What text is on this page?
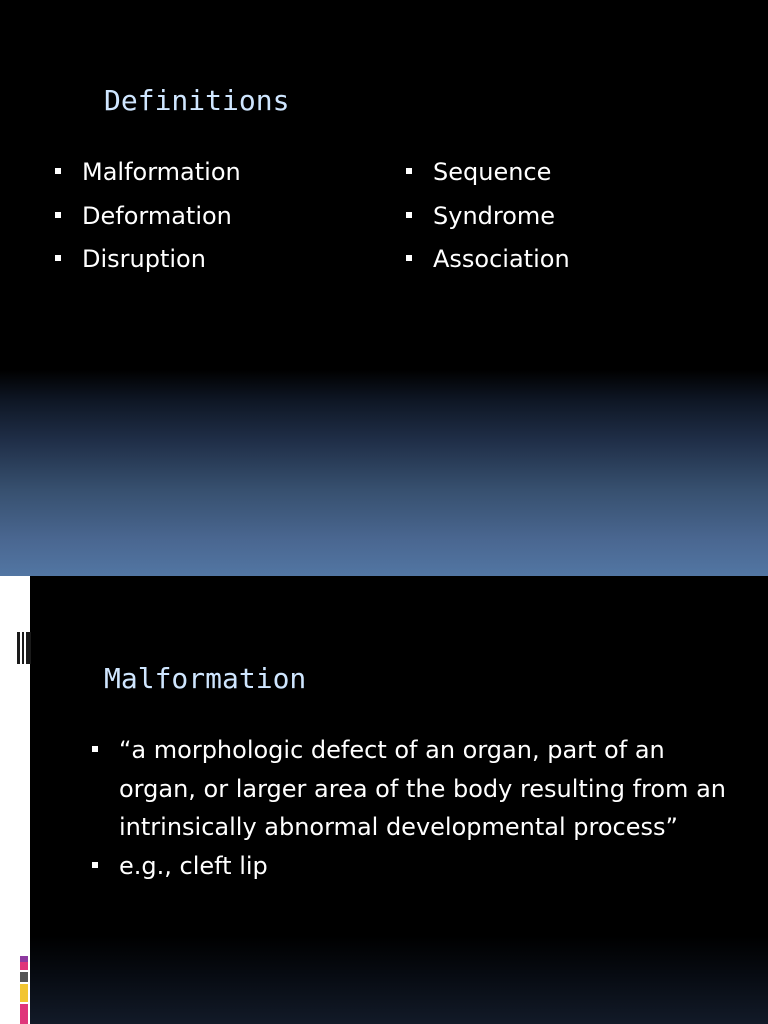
Definitions
Malformation
Deformation
Disruption
Sequence
Syndrome
Association
Malformation
“a morphologic defect of an organ, part of an organ, or larger area of the body resulting from an intrinsically abnormal developmental process”
e.g., cleft lip
